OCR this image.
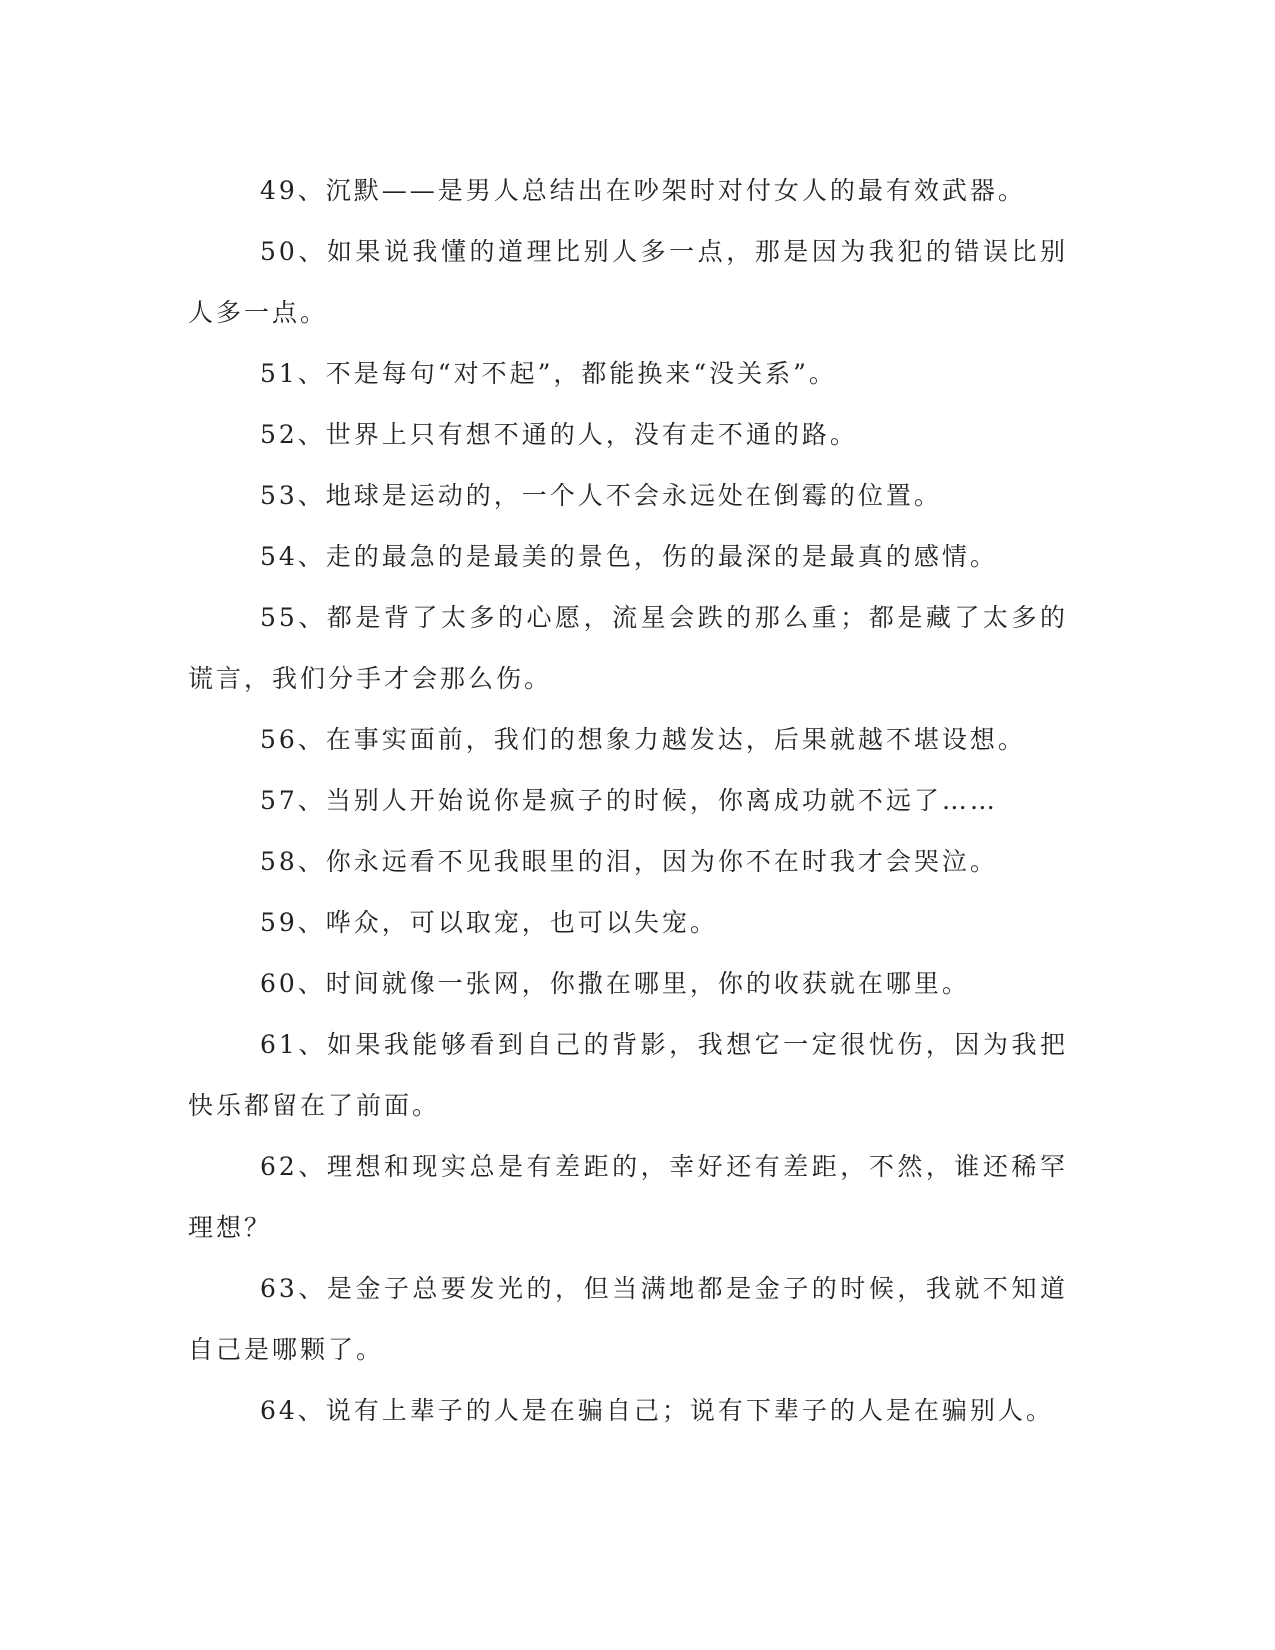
49、沉默——是男人总结出在吵架时对付女人的最有效武器。

50、如果说我懂的道理比别人多一点，那是因为我犯的错误比别人多一点。

51、不是每句“对不起”，都能换来“没关系”。

52、世界上只有想不通的人，没有走不通的路。

53、地球是运动的，一个人不会永远处在倒霉的位置。

54、走的最急的是最美的景色，伤的最深的是最真的感情。

55、都是背了太多的心愿，流星会跌的那么重；都是藏了太多的谎言，我们分手才会那么伤。

56、在事实面前，我们的想象力越发达，后果就越不堪设想。

57、当别人开始说你是疯子的时候，你离成功就不远了……

58、你永远看不见我眼里的泪，因为你不在时我才会哭泣。

59、哗众，可以取宠，也可以失宠。

60、时间就像一张网，你撒在哪里，你的收获就在哪里。

61、如果我能够看到自己的背影，我想它一定很忧伤，因为我把快乐都留在了前面。

62、理想和现实总是有差距的，幸好还有差距，不然，谁还稀罕理想？

63、是金子总要发光的，但当满地都是金子的时候，我就不知道自己是哪颗了。

64、说有上辈子的人是在骗自己；说有下辈子的人是在骗别人。
